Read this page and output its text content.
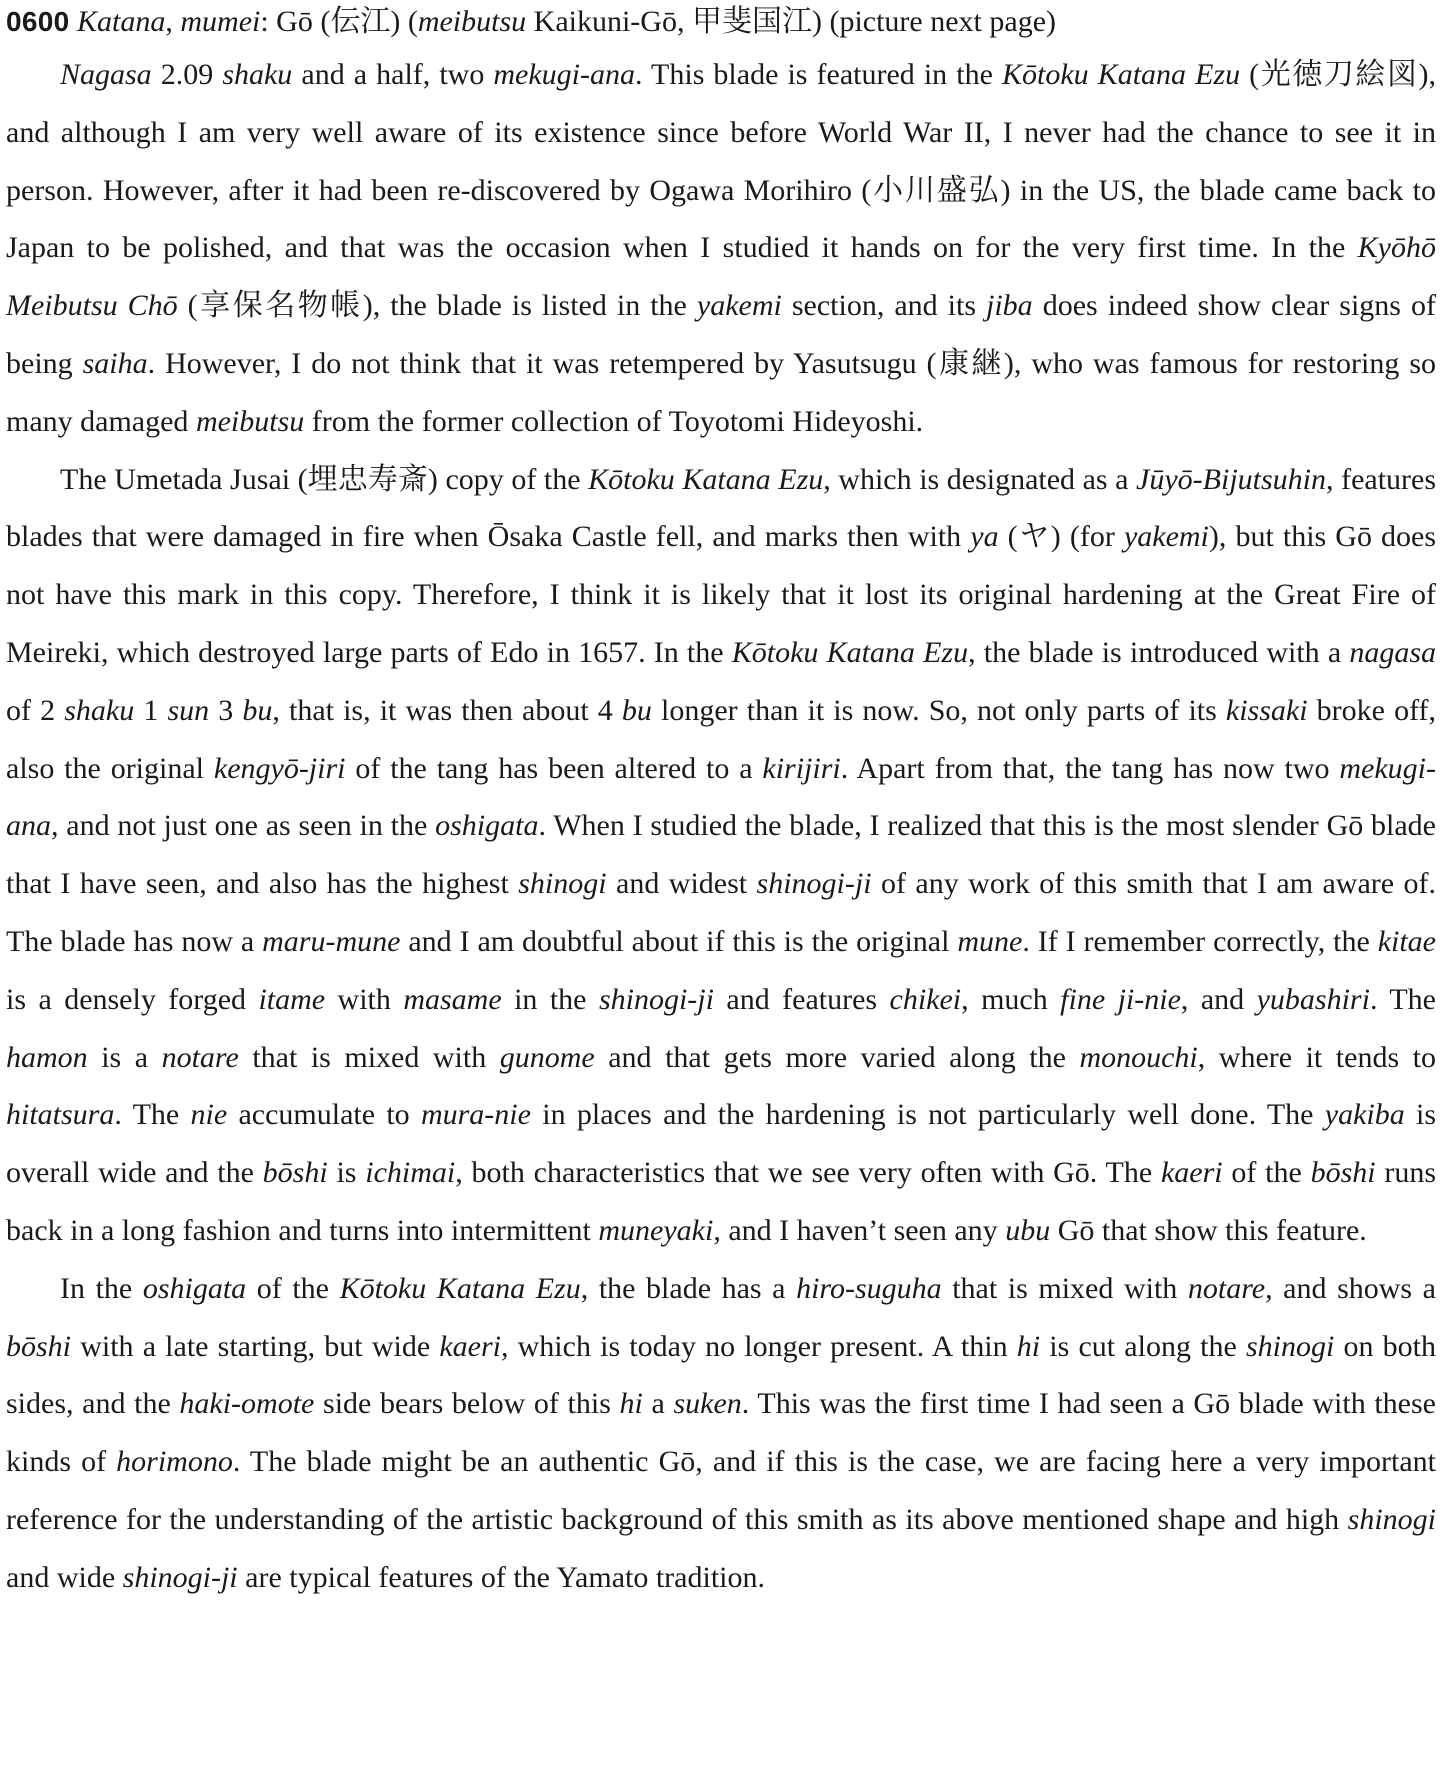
0600 Katana, mumei: Gō (伝江) (meibutsu Kaikuni-Gō, 甲斐国江) (picture next page)

Nagasa 2.09 shaku and a half, two mekugi-ana. This blade is featured in the Kōtoku Katana Ezu (光徳刀絵図), and although I am very well aware of its existence since before World War II, I never had the chance to see it in person. However, after it had been re-discovered by Ogawa Morihiro (小川盛弘) in the US, the blade came back to Japan to be polished, and that was the occasion when I studied it hands on for the very first time. In the Kyōhō Meibutsu Chō (享保名物帳), the blade is listed in the yakemi section, and its jiba does indeed show clear signs of being saiha. However, I do not think that it was retempered by Yasutsugu (康継), who was famous for restoring so many damaged meibutsu from the former collection of Toyotomi Hideyoshi.

The Umetada Jusai (埋忠寿斎) copy of the Kōtoku Katana Ezu, which is designated as a Jūyō-Bijutsuhin, features blades that were damaged in fire when Ōsaka Castle fell, and marks then with ya (ヤ) (for yakemi), but this Gō does not have this mark in this copy. Therefore, I think it is likely that it lost its original hardening at the Great Fire of Meireki, which destroyed large parts of Edo in 1657. In the Kōtoku Katana Ezu, the blade is introduced with a nagasa of 2 shaku 1 sun 3 bu, that is, it was then about 4 bu longer than it is now. So, not only parts of its kissaki broke off, also the original kengyō-jiri of the tang has been altered to a kirijiri. Apart from that, the tang has now two mekugi-ana, and not just one as seen in the oshigata. When I studied the blade, I realized that this is the most slender Gō blade that I have seen, and also has the highest shinogi and widest shinogi-ji of any work of this smith that I am aware of. The blade has now a maru-mune and I am doubtful about if this is the original mune. If I remember correctly, the kitae is a densely forged itame with masame in the shinogi-ji and features chikei, much fine ji-nie, and yubashiri. The hamon is a notare that is mixed with gunome and that gets more varied along the monouchi, where it tends to hitatsura. The nie accumulate to mura-nie in places and the hardening is not particularly well done. The yakiba is overall wide and the bōshi is ichimai, both characteristics that we see very often with Gō. The kaeri of the bōshi runs back in a long fashion and turns into intermittent muneyaki, and I haven’t seen any ubu Gō that show this feature.

In the oshigata of the Kōtoku Katana Ezu, the blade has a hiro-suguha that is mixed with notare, and shows a bōshi with a late starting, but wide kaeri, which is today no longer present. A thin hi is cut along the shinogi on both sides, and the haki-omote side bears below of this hi a suken. This was the first time I had seen a Gō blade with these kinds of horimono. The blade might be an authentic Gō, and if this is the case, we are facing here a very important reference for the understanding of the artistic background of this smith as its above mentioned shape and high shinogi and wide shinogi-ji are typical features of the Yamato tradition.
